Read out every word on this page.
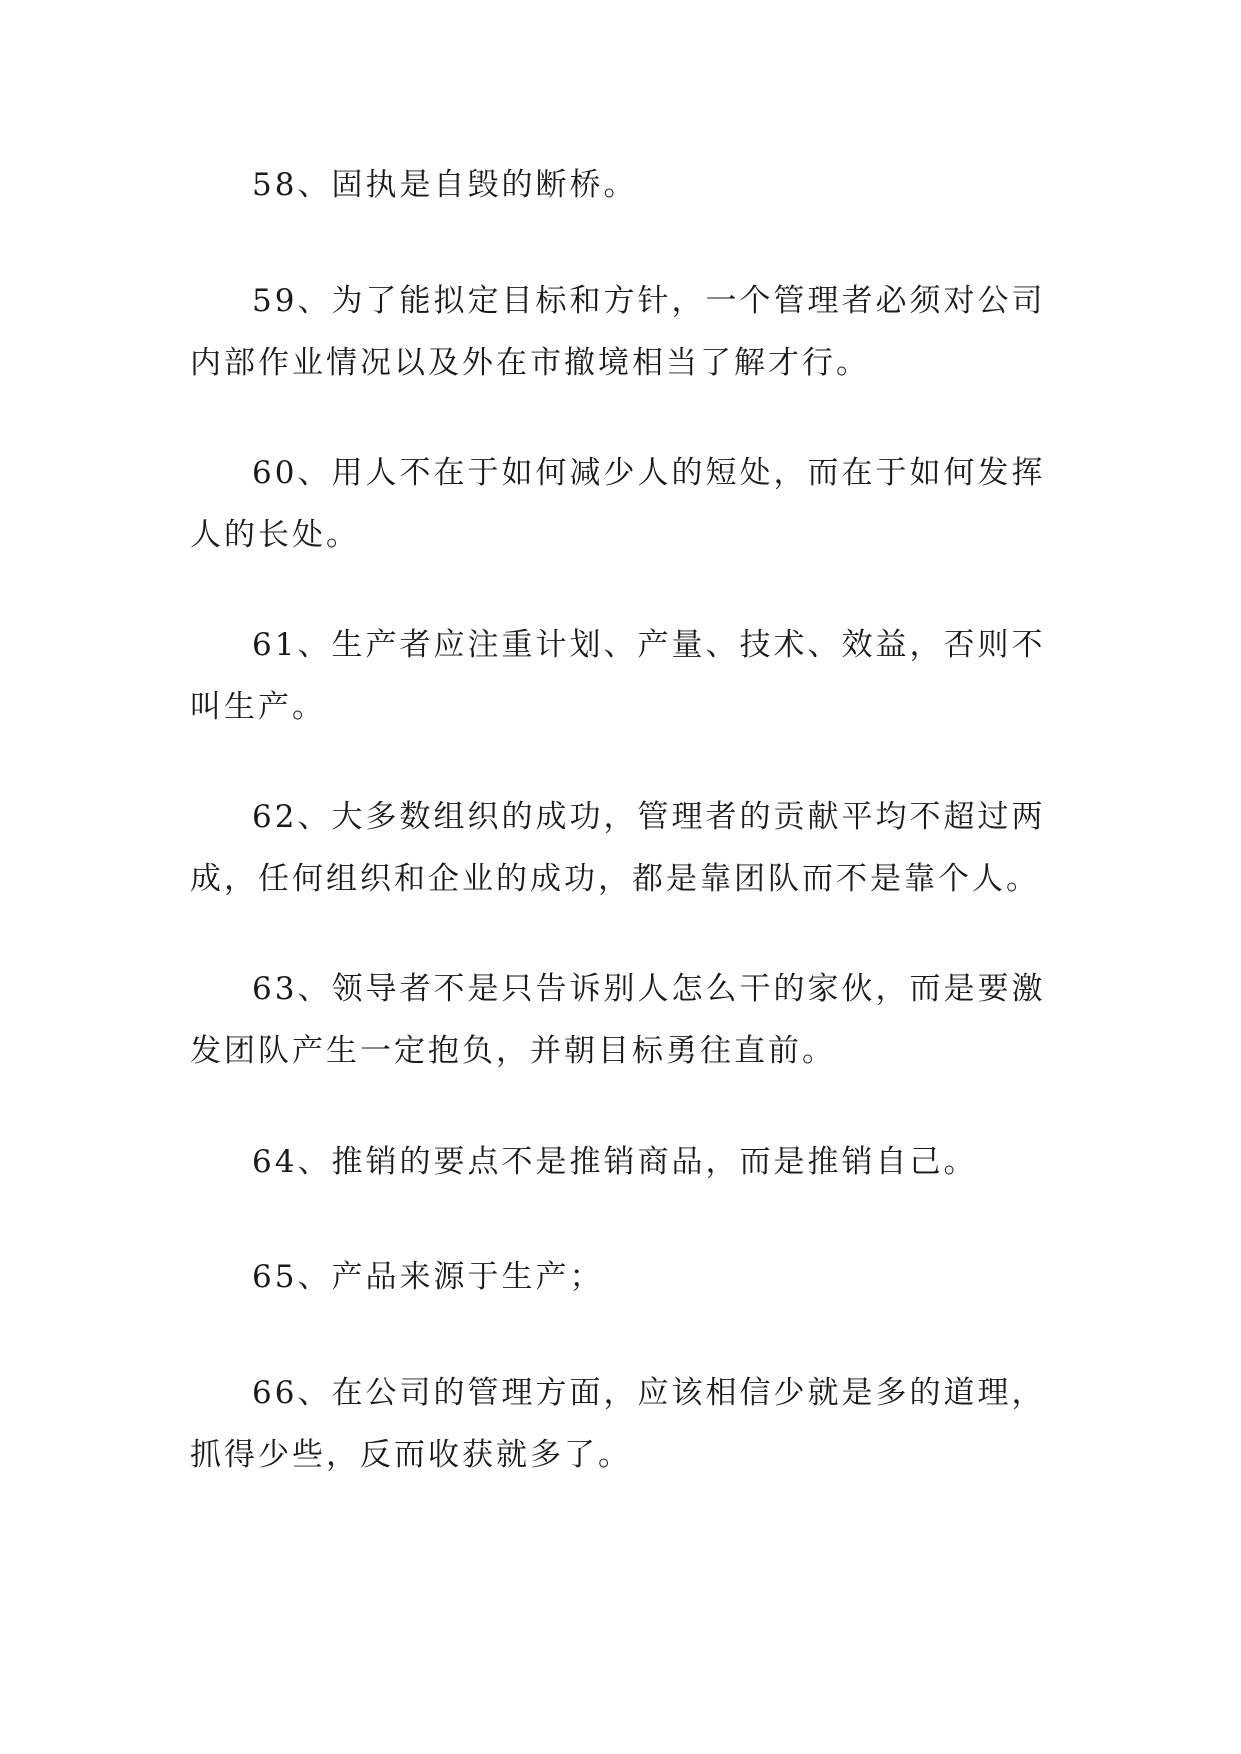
58、固执是自毁的断桥。

59、为了能拟定目标和方针，一个管理者必须对公司内部作业情况以及外在市撤境相当了解才行。

60、用人不在于如何减少人的短处，而在于如何发挥人的长处。

61、生产者应注重计划、产量、技术、效益，否则不叫生产。

62、大多数组织的成功，管理者的贡献平均不超过两成，任何组织和企业的成功，都是靠团队而不是靠个人。

63、领导者不是只告诉别人怎么干的家伙，而是要激发团队产生一定抱负，并朝目标勇往直前。

64、推销的要点不是推销商品，而是推销自己。

65、产品来源于生产；

66、在公司的管理方面，应该相信少就是多的道理，抓得少些，反而收获就多了。
